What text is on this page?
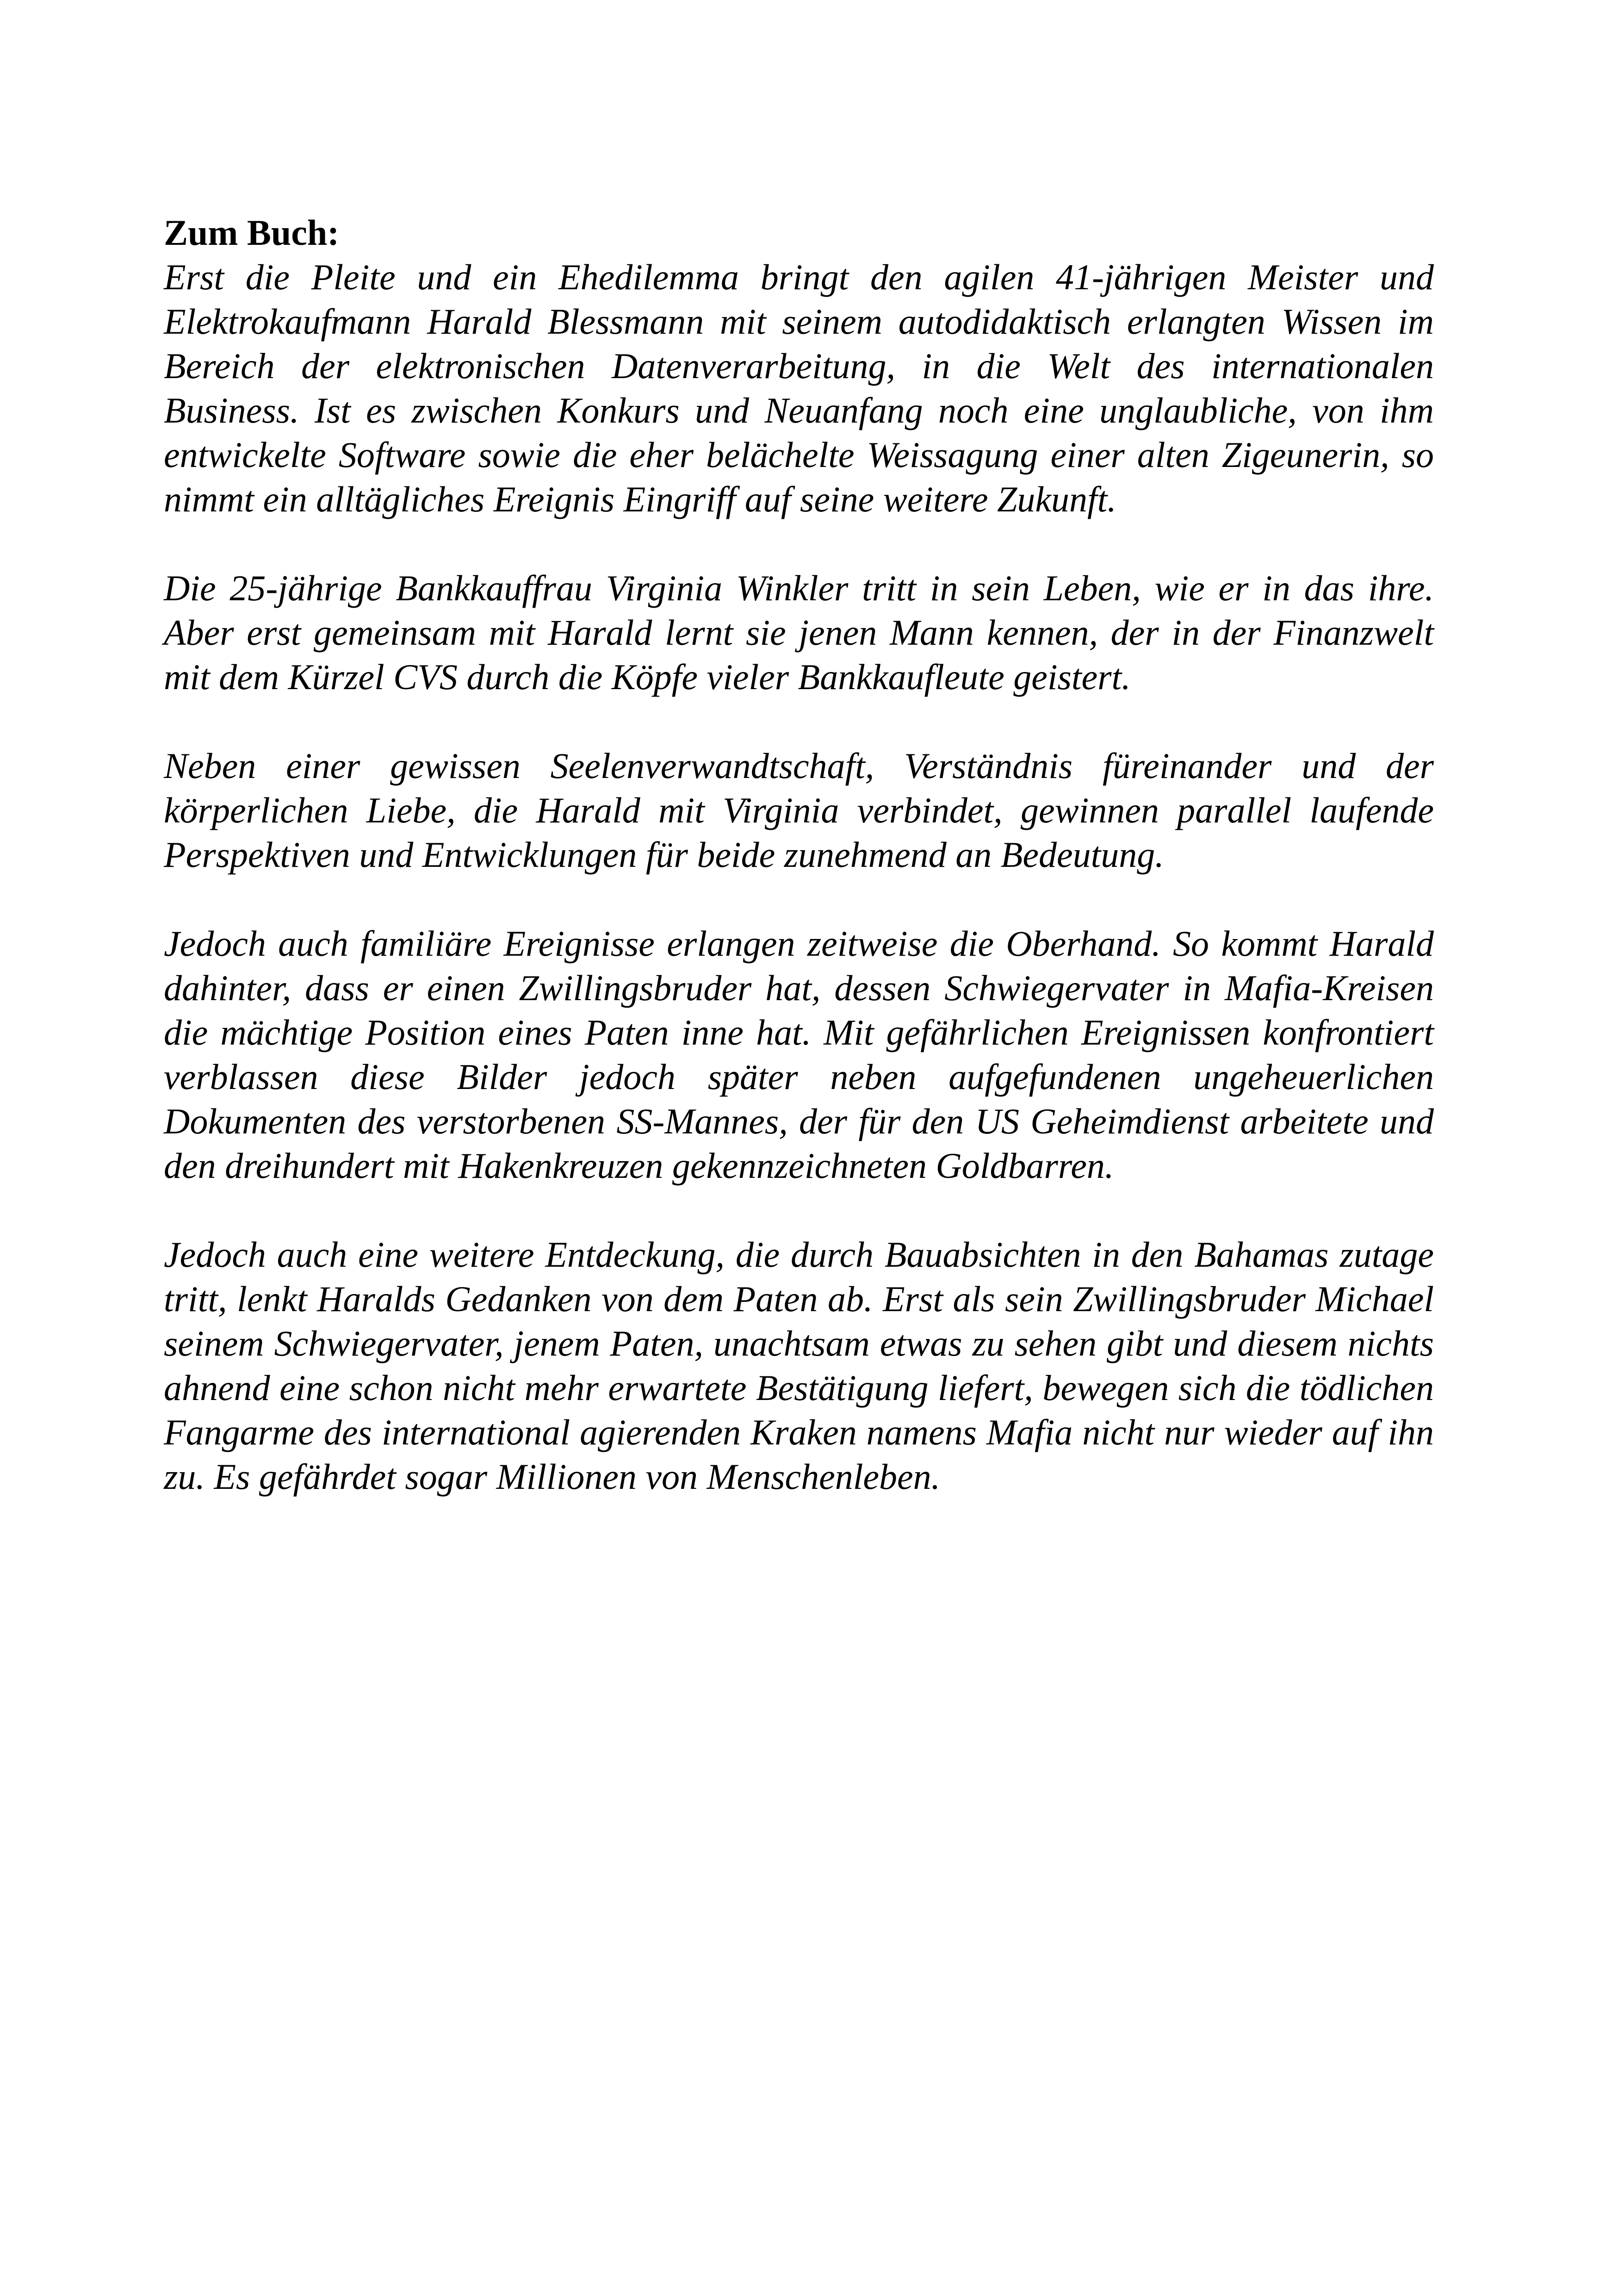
Zum Buch:

Erst die Pleite und ein Ehedilemma bringt den agilen 41-jährigen Meister und Elektrokaufmann Harald Blessmann mit seinem autodidaktisch erlangten Wissen im Bereich der elektronischen Datenverarbeitung, in die Welt des internationalen Business. Ist es zwischen Konkurs und Neuanfang noch eine unglaubliche, von ihm entwickelte Software sowie die eher belächelte Weissagung einer alten Zigeunerin, so nimmt ein alltägliches Ereignis Eingriff auf seine weitere Zukunft.

Die 25-jährige Bankkauffrau Virginia Winkler tritt in sein Leben, wie er in das ihre. Aber erst gemeinsam mit Harald lernt sie jenen Mann kennen, der in der Finanzwelt mit dem Kürzel CVS durch die Köpfe vieler Bankkaufleute geistert.

Neben einer gewissen Seelenverwandtschaft, Verständnis füreinander und der körperlichen Liebe, die Harald mit Virginia verbindet, gewinnen parallel laufende Perspektiven und Entwicklungen für beide zunehmend an Bedeutung.

Jedoch auch familiäre Ereignisse erlangen zeitweise die Oberhand. So kommt Harald dahinter, dass er einen Zwillingsbruder hat, dessen Schwiegervater in Mafia-Kreisen die mächtige Position eines Paten inne hat. Mit gefährlichen Ereignissen konfrontiert verblassen diese Bilder jedoch später neben aufgefundenen ungeheuerlichen Dokumenten des verstorbenen SS-Mannes, der für den US Geheimdienst arbeitete und den dreihundert mit Hakenkreuzen gekennzeichneten Goldbarren.

Jedoch auch eine weitere Entdeckung, die durch Bauabsichten in den Bahamas zutage tritt, lenkt Haralds Gedanken von dem Paten ab. Erst als sein Zwillingsbruder Michael seinem Schwiegervater, jenem Paten, unachtsam etwas zu sehen gibt und diesem nichts ahnend eine schon nicht mehr erwartete Bestätigung liefert, bewegen sich die tödlichen Fangarme des international agierenden Kraken namens Mafia nicht nur wieder auf ihn zu. Es gefährdet sogar Millionen von Menschenleben.
